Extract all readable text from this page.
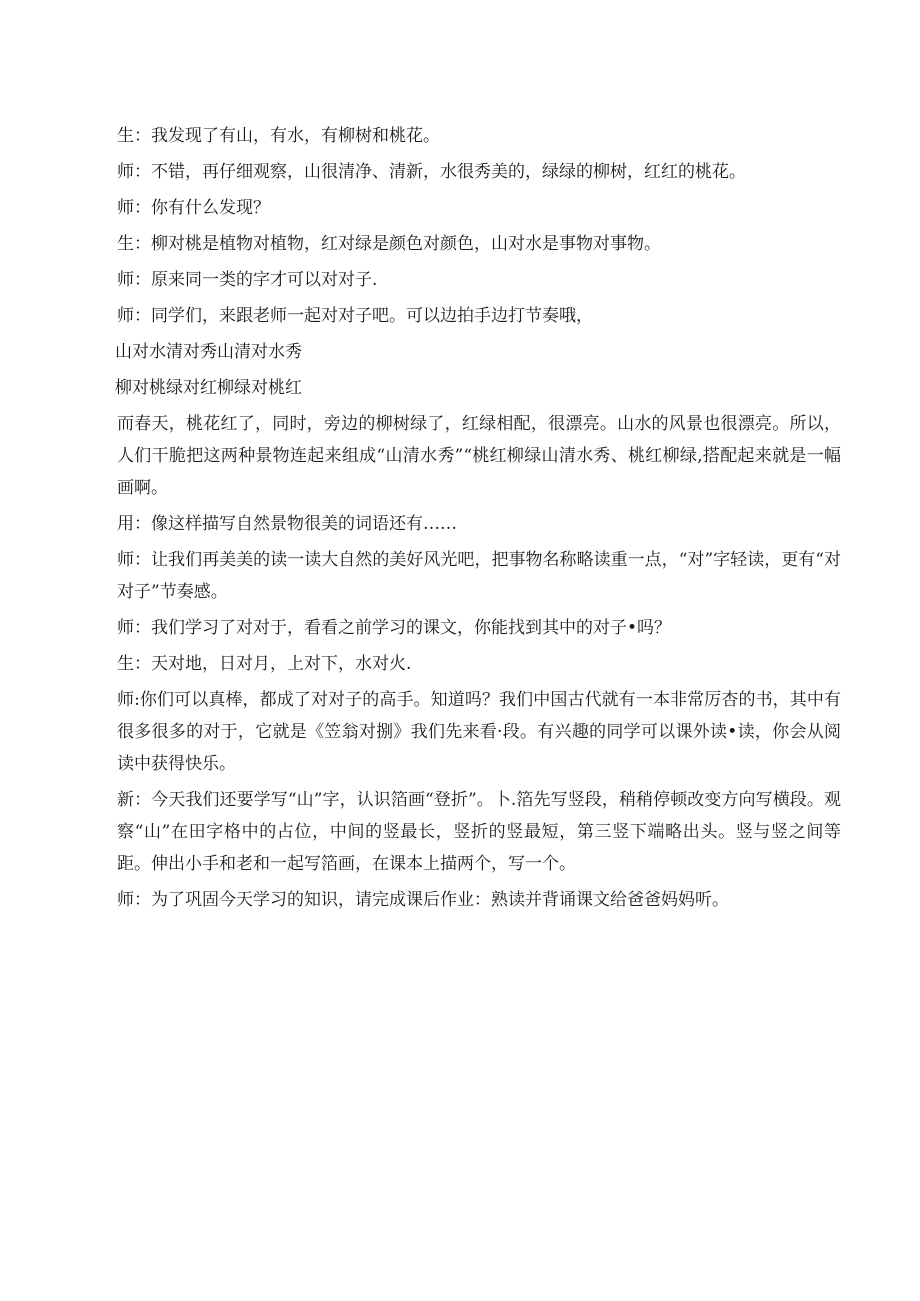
生：我发现了有山，有水，有柳树和桃花。

师：不错，再仔细观察，山很清净、清新，水很秀美的，绿绿的柳树，红红的桃花。

师：你有什么发现？

生：柳对桃是植物对植物，红对绿是颜色对颜色，山对水是事物对事物。

师：原来同一类的字才可以对对子.

师：同学们，来跟老师一起对对子吧。可以边拍手边打节奏哦，

山对水清对秀山清对水秀

柳对桃绿对红柳绿对桃红

而春天，桃花红了，同时，旁边的柳树绿了，红绿相配，很漂亮。山水的风景也很漂亮。所以，人们干脆把这两种景物连起来组成“山清水秀”“桃红柳绿山清水秀、桃红柳绿,搭配起来就是一幅画啊。

用：像这样描写自然景物很美的词语还有……

师：让我们再美美的读一读大自然的美好风光吧，把事物名称略读重一点，“对”字轻读，更有“对对子”节奏感。

师：我们学习了对对于，看看之前学习的课文，你能找到其中的对子•吗？

生：天对地，日对月，上对下，水对火.

师:你们可以真棒，都成了对对子的高手。知道吗？我们中国古代就有一本非常厉杏的书，其中有很多很多的对于，它就是《笠翁对捌》我们先来看·段。有兴趣的同学可以课外读•读，你会从阅读中获得快乐。

新：今天我们还要学写“山”字，认识箔画“登折”。卜.箔先写竖段，稍稍停顿改变方向写横段。观察“山”在田字格中的占位，中间的竖最长，竖折的竖最短，第三竖下端略出头。竖与竖之间等距。伸出小手和老和一起写箔画，在课本上描两个，写一个。

师：为了巩固今天学习的知识，请完成课后作业：熟读并背诵课文给爸爸妈妈听。
